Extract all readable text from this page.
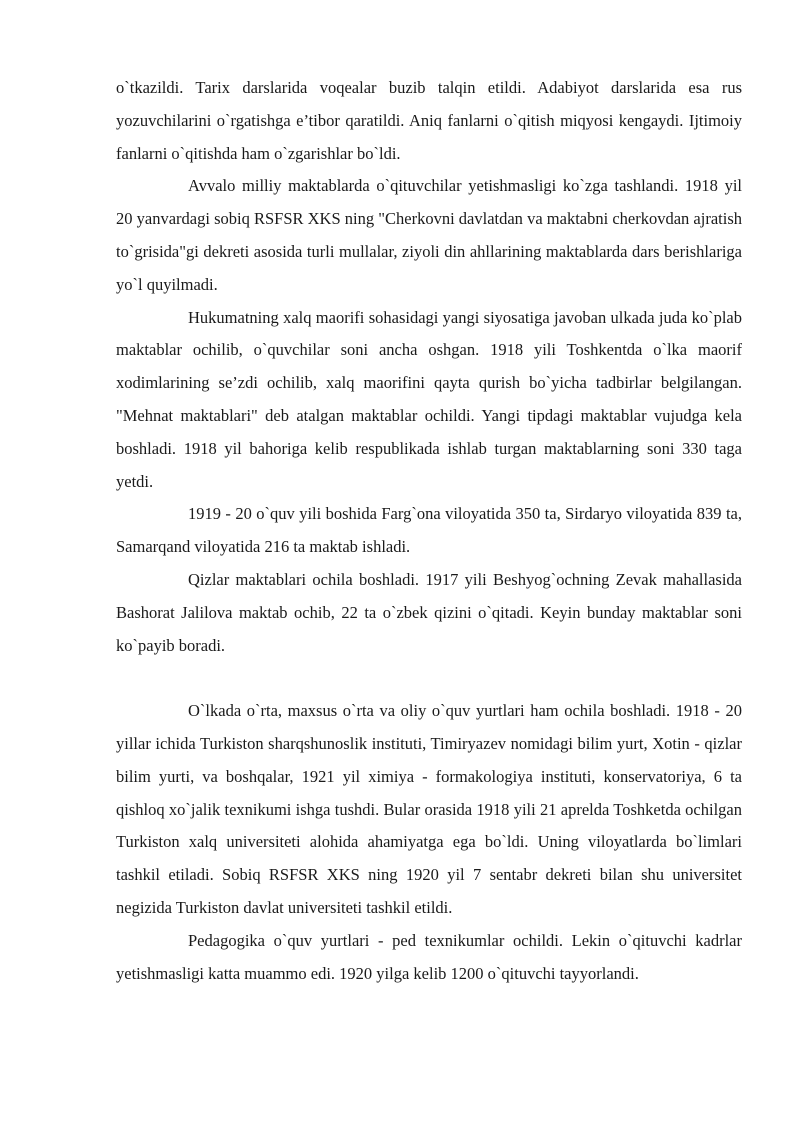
o`tkazildi. Tarix darslarida voqealar buzib talqin etildi. Adabiyot darslarida esa rus yozuvchilarini o`rgatishga e’tibor qaratildi. Aniq fanlarni o`qitish miqyosi kengaydi. Ijtimoiy fanlarni o`qitishda ham o`zgarishlar bo`ldi.

Avvalo milliy maktablarda o`qituvchilar yetishmasligi ko`zga tashlandi. 1918 yil 20 yanvardagi sobiq RSFSR XKS ning "Cherkovni davlatdan va maktabni cherkovdan ajratish to`grisida"gi dekreti asosida turli mullalar, ziyoli din ahllarining maktablarda dars berishlariga yo`l quyilmadi.

Hukumatning xalq maorifi sohasidagi yangi siyosatiga javoban ulkada juda ko`plab maktablar ochilib, o`quvchilar soni ancha oshgan. 1918 yili Toshkentda o`lka maorif xodimlarining se’zdi ochilib, xalq maorifini qayta qurish bo`yicha tadbirlar belgilangan. "Mehnat maktablari" deb atalgan maktablar ochildi. Yangi tipdagi maktablar vujudga kela boshladi. 1918 yil bahoriga kelib respublikada ishlab turgan maktablarning soni 330 taga yetdi.

1919 - 20 o`quv yili boshida Farg`ona viloyatida 350 ta, Sirdaryo viloyatida 839 ta, Samarqand viloyatida 216 ta maktab ishladi.

Qizlar maktablari ochila boshladi. 1917 yili Beshyog`ochning Zevak mahallasida Bashorat Jalilova maktab ochib, 22 ta o`zbek qizini o`qitadi. Keyin bunday maktablar soni ko`payib boradi.

O`lkada o`rta, maxsus o`rta va oliy o`quv yurtlari ham ochila boshladi. 1918 - 20 yillar ichida Turkiston sharqshunoslik instituti, Timiryazev nomidagi bilim yurt, Xotin - qizlar bilim yurti, va boshqalar, 1921 yil ximiya - formakologiya instituti, konservatoriya, 6 ta qishloq xo`jalik texnikumi ishga tushdi. Bular orasida 1918 yili 21 aprelda Toshketda ochilgan Turkiston xalq universiteti alohida ahamiyatga ega bo`ldi. Uning viloyatlarda bo`limlari tashkil etiladi. Sobiq RSFSR XKS ning 1920 yil 7 sentabr dekreti bilan shu universitet negizida Turkiston davlat universiteti tashkil etildi.

Pedagogika o`quv yurtlari - ped texnikumlar ochildi. Lekin o`qituvchi kadrlar yetishmasligi katta muammo edi. 1920 yilga kelib 1200 o`qituvchi tayyorlandi.
